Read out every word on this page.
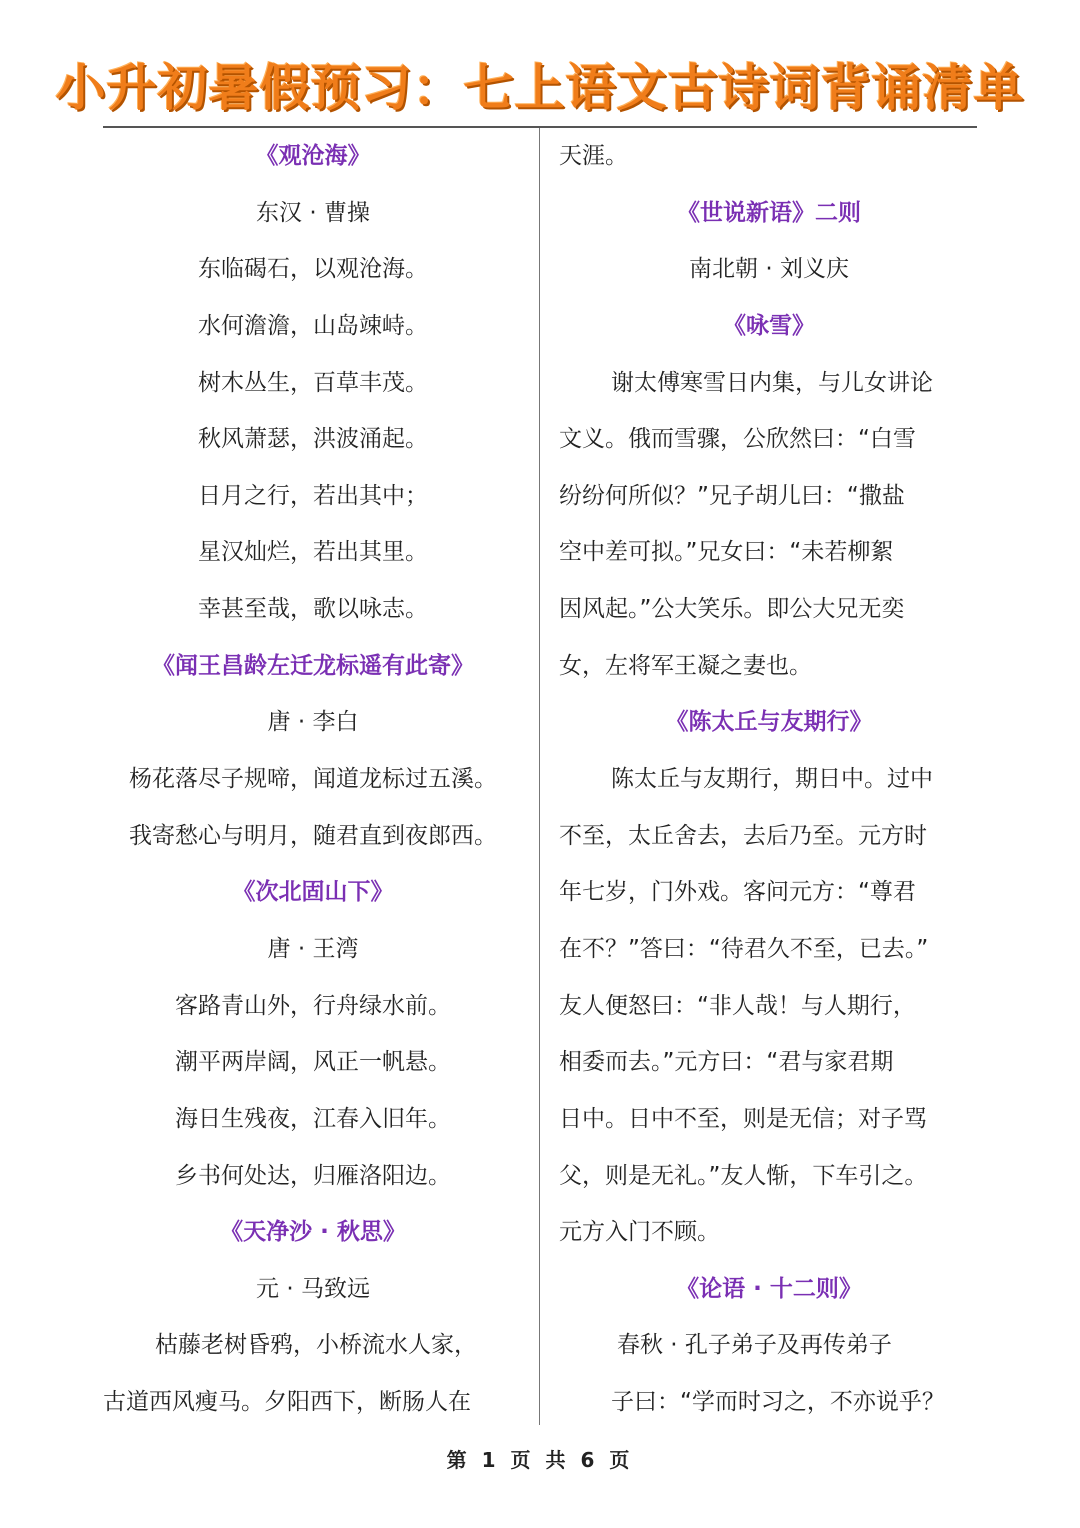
小升初暑假预习：七上语文古诗词背诵清单
《观沧海》
东汉 · 曹操
东临碣石，以观沧海。
水何澹澹，山岛竦峙。
树木丛生，百草丰茂。
秋风萧瑟，洪波涌起。
日月之行，若出其中；
星汉灿烂，若出其里。
幸甚至哉，歌以咏志。
《闻王昌龄左迁龙标遥有此寄》
唐 · 李白
杨花落尽子规啼，闻道龙标过五溪。
我寄愁心与明月，随君直到夜郎西。
《次北固山下》
唐 · 王湾
客路青山外，行舟绿水前。
潮平两岸阔，风正一帆悬。
海日生残夜，江春入旧年。
乡书何处达，归雁洛阳边。
《天净沙 · 秋思》
元 · 马致远
枯藤老树昏鸦，小桥流水人家，
古道西风瘦马。夕阳西下，断肠人在
天涯。
《世说新语》二则
南北朝 · 刘义庆
《咏雪》
谢太傅寒雪日内集，与儿女讲论
文义。俄而雪骤，公欣然曰：“白雪
纷纷何所似？”兄子胡儿曰：“撒盐
空中差可拟。”兄女曰：“未若柳絮
因风起。”公大笑乐。即公大兄无奕
女，左将军王凝之妻也。
《陈太丘与友期行》
陈太丘与友期行，期日中。过中
不至，太丘舍去，去后乃至。元方时
年七岁，门外戏。客问元方：“尊君
在不？”答曰：“待君久不至，已去。”
友人便怒曰：“非人哉！与人期行，
相委而去。”元方曰：“君与家君期
日中。日中不至，则是无信；对子骂
父，则是无礼。”友人惭，下车引之。
元方入门不顾。
《论语 · 十二则》
春秋 · 孔子弟子及再传弟子
子曰：“学而时习之，不亦说乎？
第 1 页 共 6 页
